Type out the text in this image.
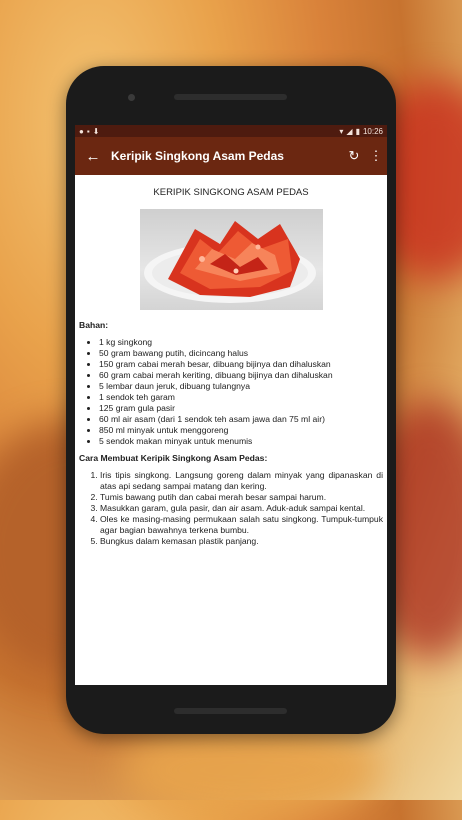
● ▪ ⬇	▾ ◢ ▮ 10:26
← Keripik Singkong Asam Pedas	↻ ⋮
KERIPIK SINGKONG ASAM PEDAS
Bahan:
• 1 kg singkong
• 50 gram bawang putih, dicincang halus
• 150 gram cabai merah besar, dibuang bijinya dan dihaluskan
• 60 gram cabai merah keriting, dibuang bijinya dan dihaluskan
• 5 lembar daun jeruk, dibuang tulangnya
• 1 sendok teh garam
• 125 gram gula pasir
• 60 ml air asam (dari 1 sendok teh asam jawa dan 75 ml air)
• 850 ml minyak untuk menggoreng
• 5 sendok makan minyak untuk menumis
Cara Membuat Keripik Singkong Asam Pedas:
1. Iris tipis singkong. Langsung goreng dalam minyak yang dipanaskan di atas api sedang sampai matang dan kering.
2. Tumis bawang putih dan cabai merah besar sampai harum.
3. Masukkan garam, gula pasir, dan air asam. Aduk-aduk sampai kental.
4. Oles ke masing-masing permukaan salah satu singkong. Tumpuk-tumpuk agar bagian bawahnya terkena bumbu.
5. Bungkus dalam kemasan plastik panjang.
